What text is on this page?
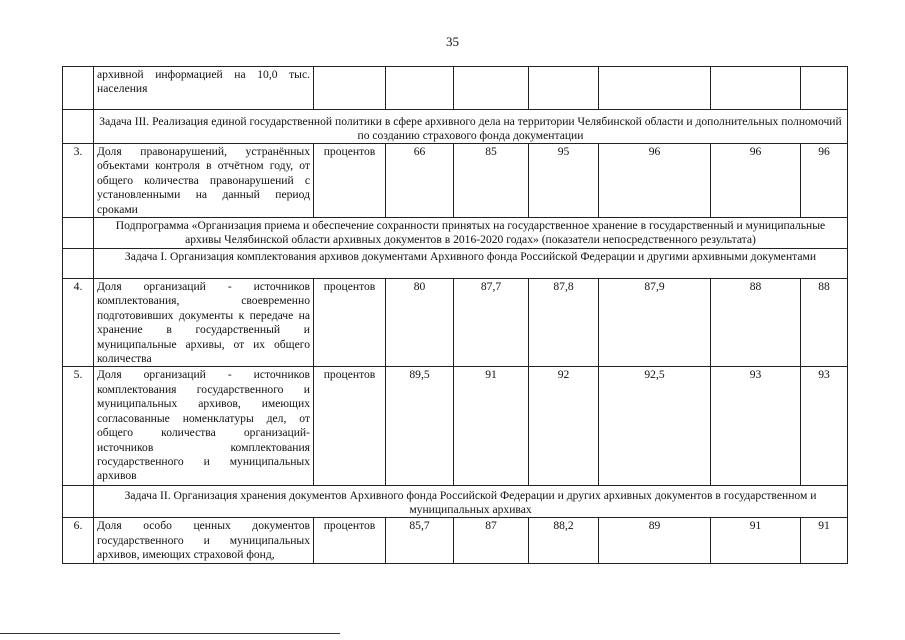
35
	архивной информацией на 10,0 тыс. населения							
	Задача III. Реализация единой государственной политики в сфере архивного дела на территории Челябинской области и дополнительных полномочий по созданию страхового фонда документации							
3.	Доля правонарушений, устранённых объектами контроля в отчётном году, от общего количества правонарушений с установленными на данный период сроками	процентов	66	85	95	96	96	96
	Подпрограмма «Организация приема и обеспечение сохранности принятых на государственное хранение в государственный и муниципальные архивы Челябинской области архивных документов в 2016-2020 годах» (показатели непосредственного результата)							
	Задача I. Организация комплектования архивов документами Архивного фонда Российской Федерации и другими архивными документами							
4.	Доля организаций - источников комплектования, своевременно подготовивших документы к передаче на хранение в государственный и муниципальные архивы, от их общего количества	процентов	80	87,7	87,8	87,9	88	88
5.	Доля организаций - источников комплектования государственного и муниципальных архивов, имеющих согласованные номенклатуры дел, от общего количества организаций-источников комплектования государственного и муниципальных архивов	процентов	89,5	91	92	92,5	93	93
	Задача II. Организация хранения документов Архивного фонда Российской Федерации и других архивных документов в государственном и муниципальных архивах							
6.	Доля особо ценных документов государственного и муниципальных архивов, имеющих страховой фонд,	процентов	85,7	87	88,2	89	91	91
